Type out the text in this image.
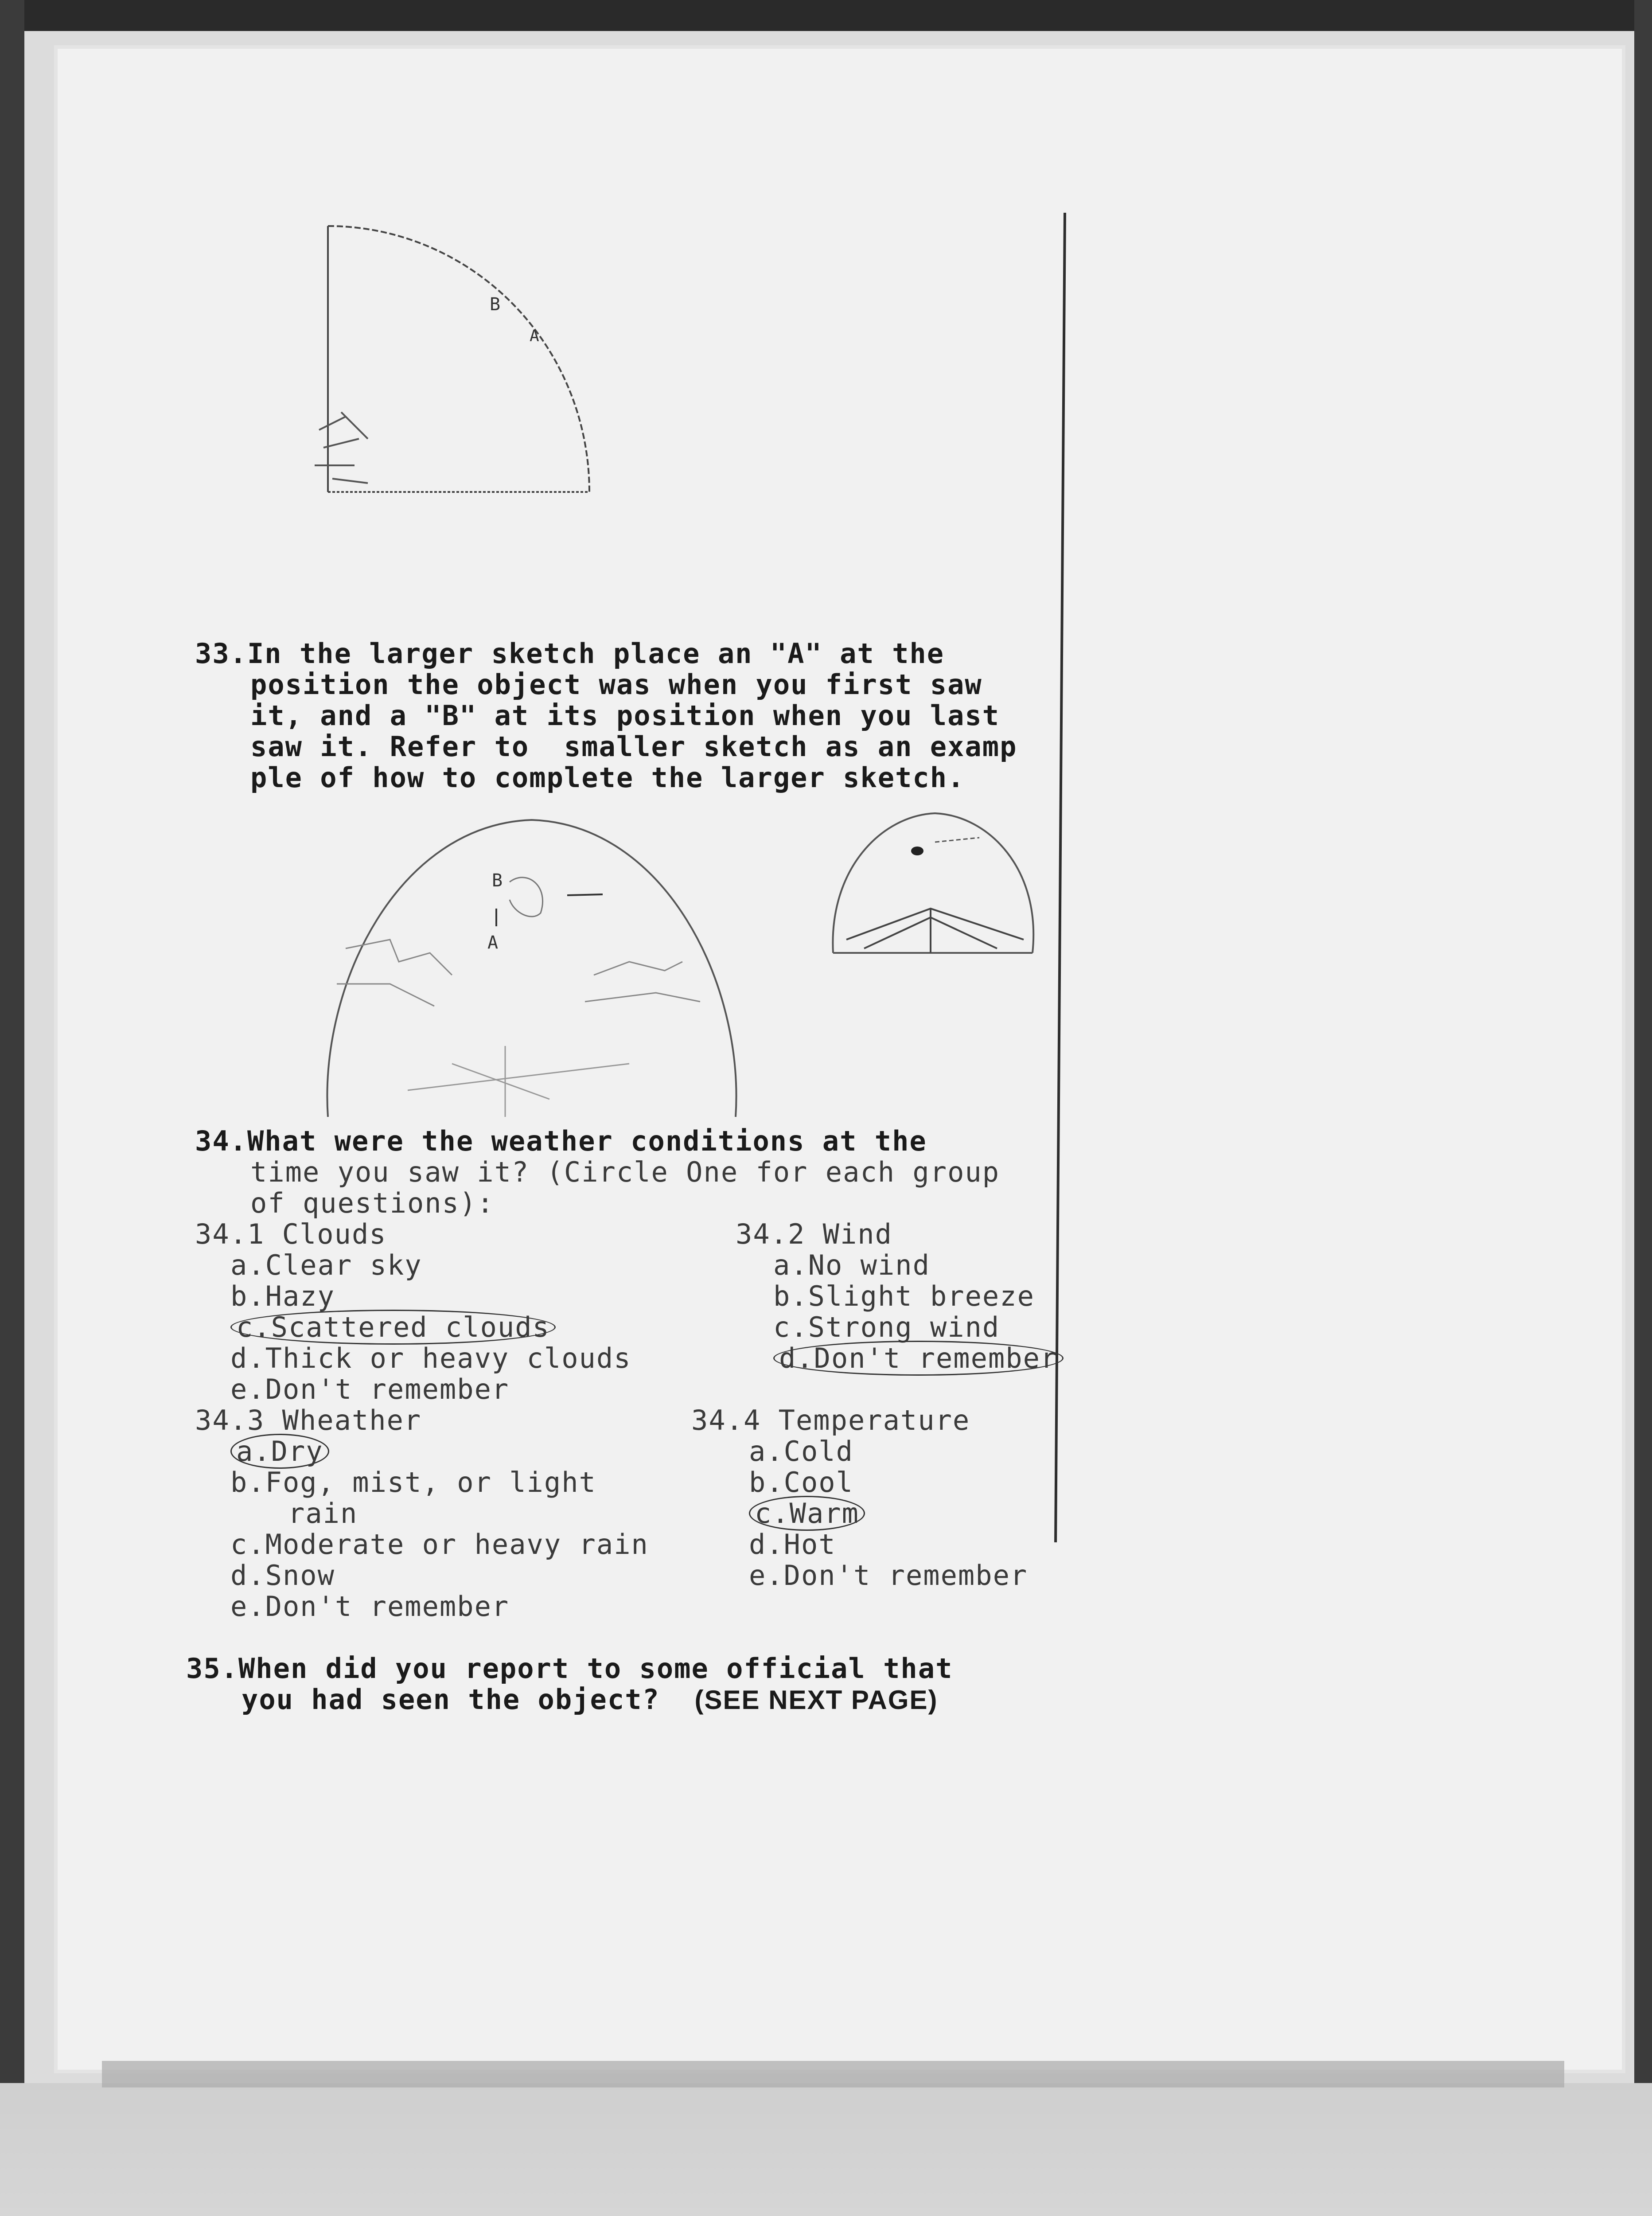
B
A
33.In the larger sketch place an "A" at the
position the object was when you first saw
it, and a "B" at its position when you last
saw it. Refer to  smaller sketch as an examp
ple of how to complete the larger sketch.
B
A
34.What were the weather conditions at the
time you saw it? (Circle One for each group
of questions):
34.1 Clouds
a.Clear sky
b.Hazy
c.Scattered clouds
d.Thick or heavy clouds
e.Don't remember
34.2 Wind
a.No wind
b.Slight breeze
c.Strong wind
d.Don't remember
34.3 Wheather
a.Dry
b.Fog, mist, or light
rain
c.Moderate or heavy rain
d.Snow
e.Don't remember
34.4 Temperature
a.Cold
b.Cool
c.Warm
d.Hot
e.Don't remember
35.When did you report to some official that
you had seen the object? (SEE NEXT PAGE)
